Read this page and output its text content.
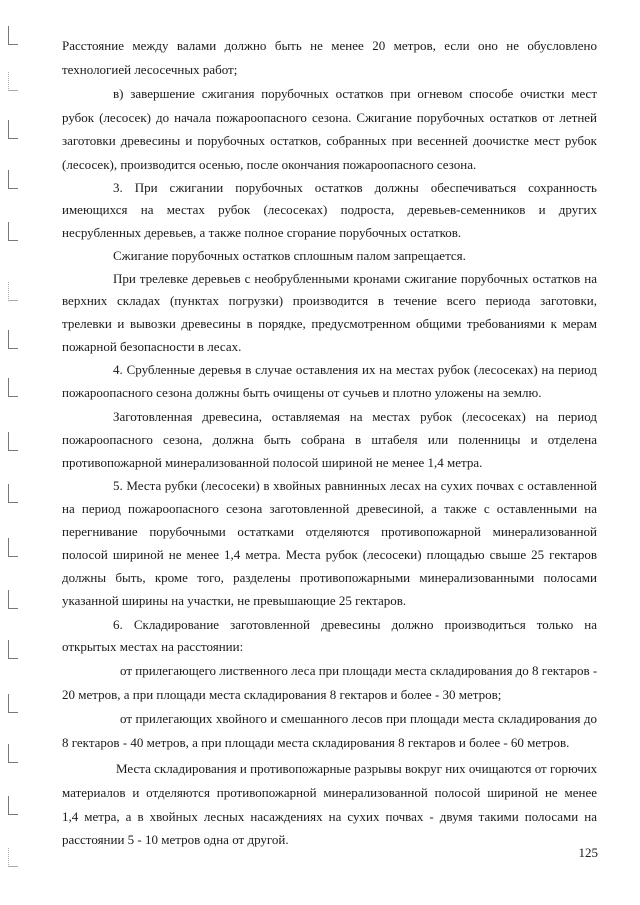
Расстояние между валами должно быть не менее 20 метров, если оно не обусловлено
технологией лесосечных работ;
в) завершение сжигания порубочных остатков при огневом способе очистки мест
рубок (лесосек) до начала пожароопасного сезона. Сжигание порубочных остатков от летней
заготовки древесины и порубочных остатков, собранных при весенней доочистке мест рубок
(лесосек), производится осенью, после окончания пожароопасного сезона.
3. При сжигании порубочных остатков должны обеспечиваться сохранность
имеющихся на местах рубок (лесосеках) подроста, деревьев-семенников и других
несрубленных деревьев, а также полное сгорание порубочных остатков.
Сжигание порубочных остатков сплошным палом запрещается.
При трелевке деревьев с необрубленными кронами сжигание порубочных остатков на
верхних складах (пунктах погрузки) производится в течение всего периода заготовки,
трелевки и вывозки древесины в порядке, предусмотренном общими требованиями к мерам
пожарной безопасности в лесах.
4. Срубленные деревья в случае оставления их на местах рубок (лесосеках) на период
пожароопасного сезона должны быть очищены от сучьев и плотно уложены на землю.
Заготовленная древесина, оставляемая на местах рубок (лесосеках) на период
пожароопасного сезона, должна быть собрана в штабеля или поленницы и отделена
противопожарной минерализованной полосой шириной не менее 1,4 метра.
5. Места рубки (лесосеки) в хвойных равнинных лесах на сухих почвах с оставленной
на период пожароопасного сезона заготовленной древесиной, а также с оставленными на
перегнивание порубочными остатками отделяются противопожарной минерализованной
полосой шириной не менее 1,4 метра. Места рубок (лесосеки) площадью свыше 25 гектаров
должны быть, кроме того, разделены противопожарными минерализованными полосами
указанной ширины на участки, не превышающие 25 гектаров.
6. Складирование заготовленной древесины должно производиться только на
открытых местах на расстоянии:
от прилегающего лиственного леса при площади места складирования до 8 гектаров -
20 метров, а при площади места складирования 8 гектаров и более - 30 метров;
от прилегающих хвойного и смешанного лесов при площади места складирования до
8 гектаров - 40 метров, а при площади места складирования 8 гектаров и более - 60 метров.
Места складирования и противопожарные разрывы вокруг них очищаются от горючих
материалов и отделяются противопожарной минерализованной полосой шириной не менее
1,4 метра, а в хвойных лесных насаждениях на сухих почвах - двумя такими полосами на
расстоянии 5 - 10 метров одна от другой.
125
